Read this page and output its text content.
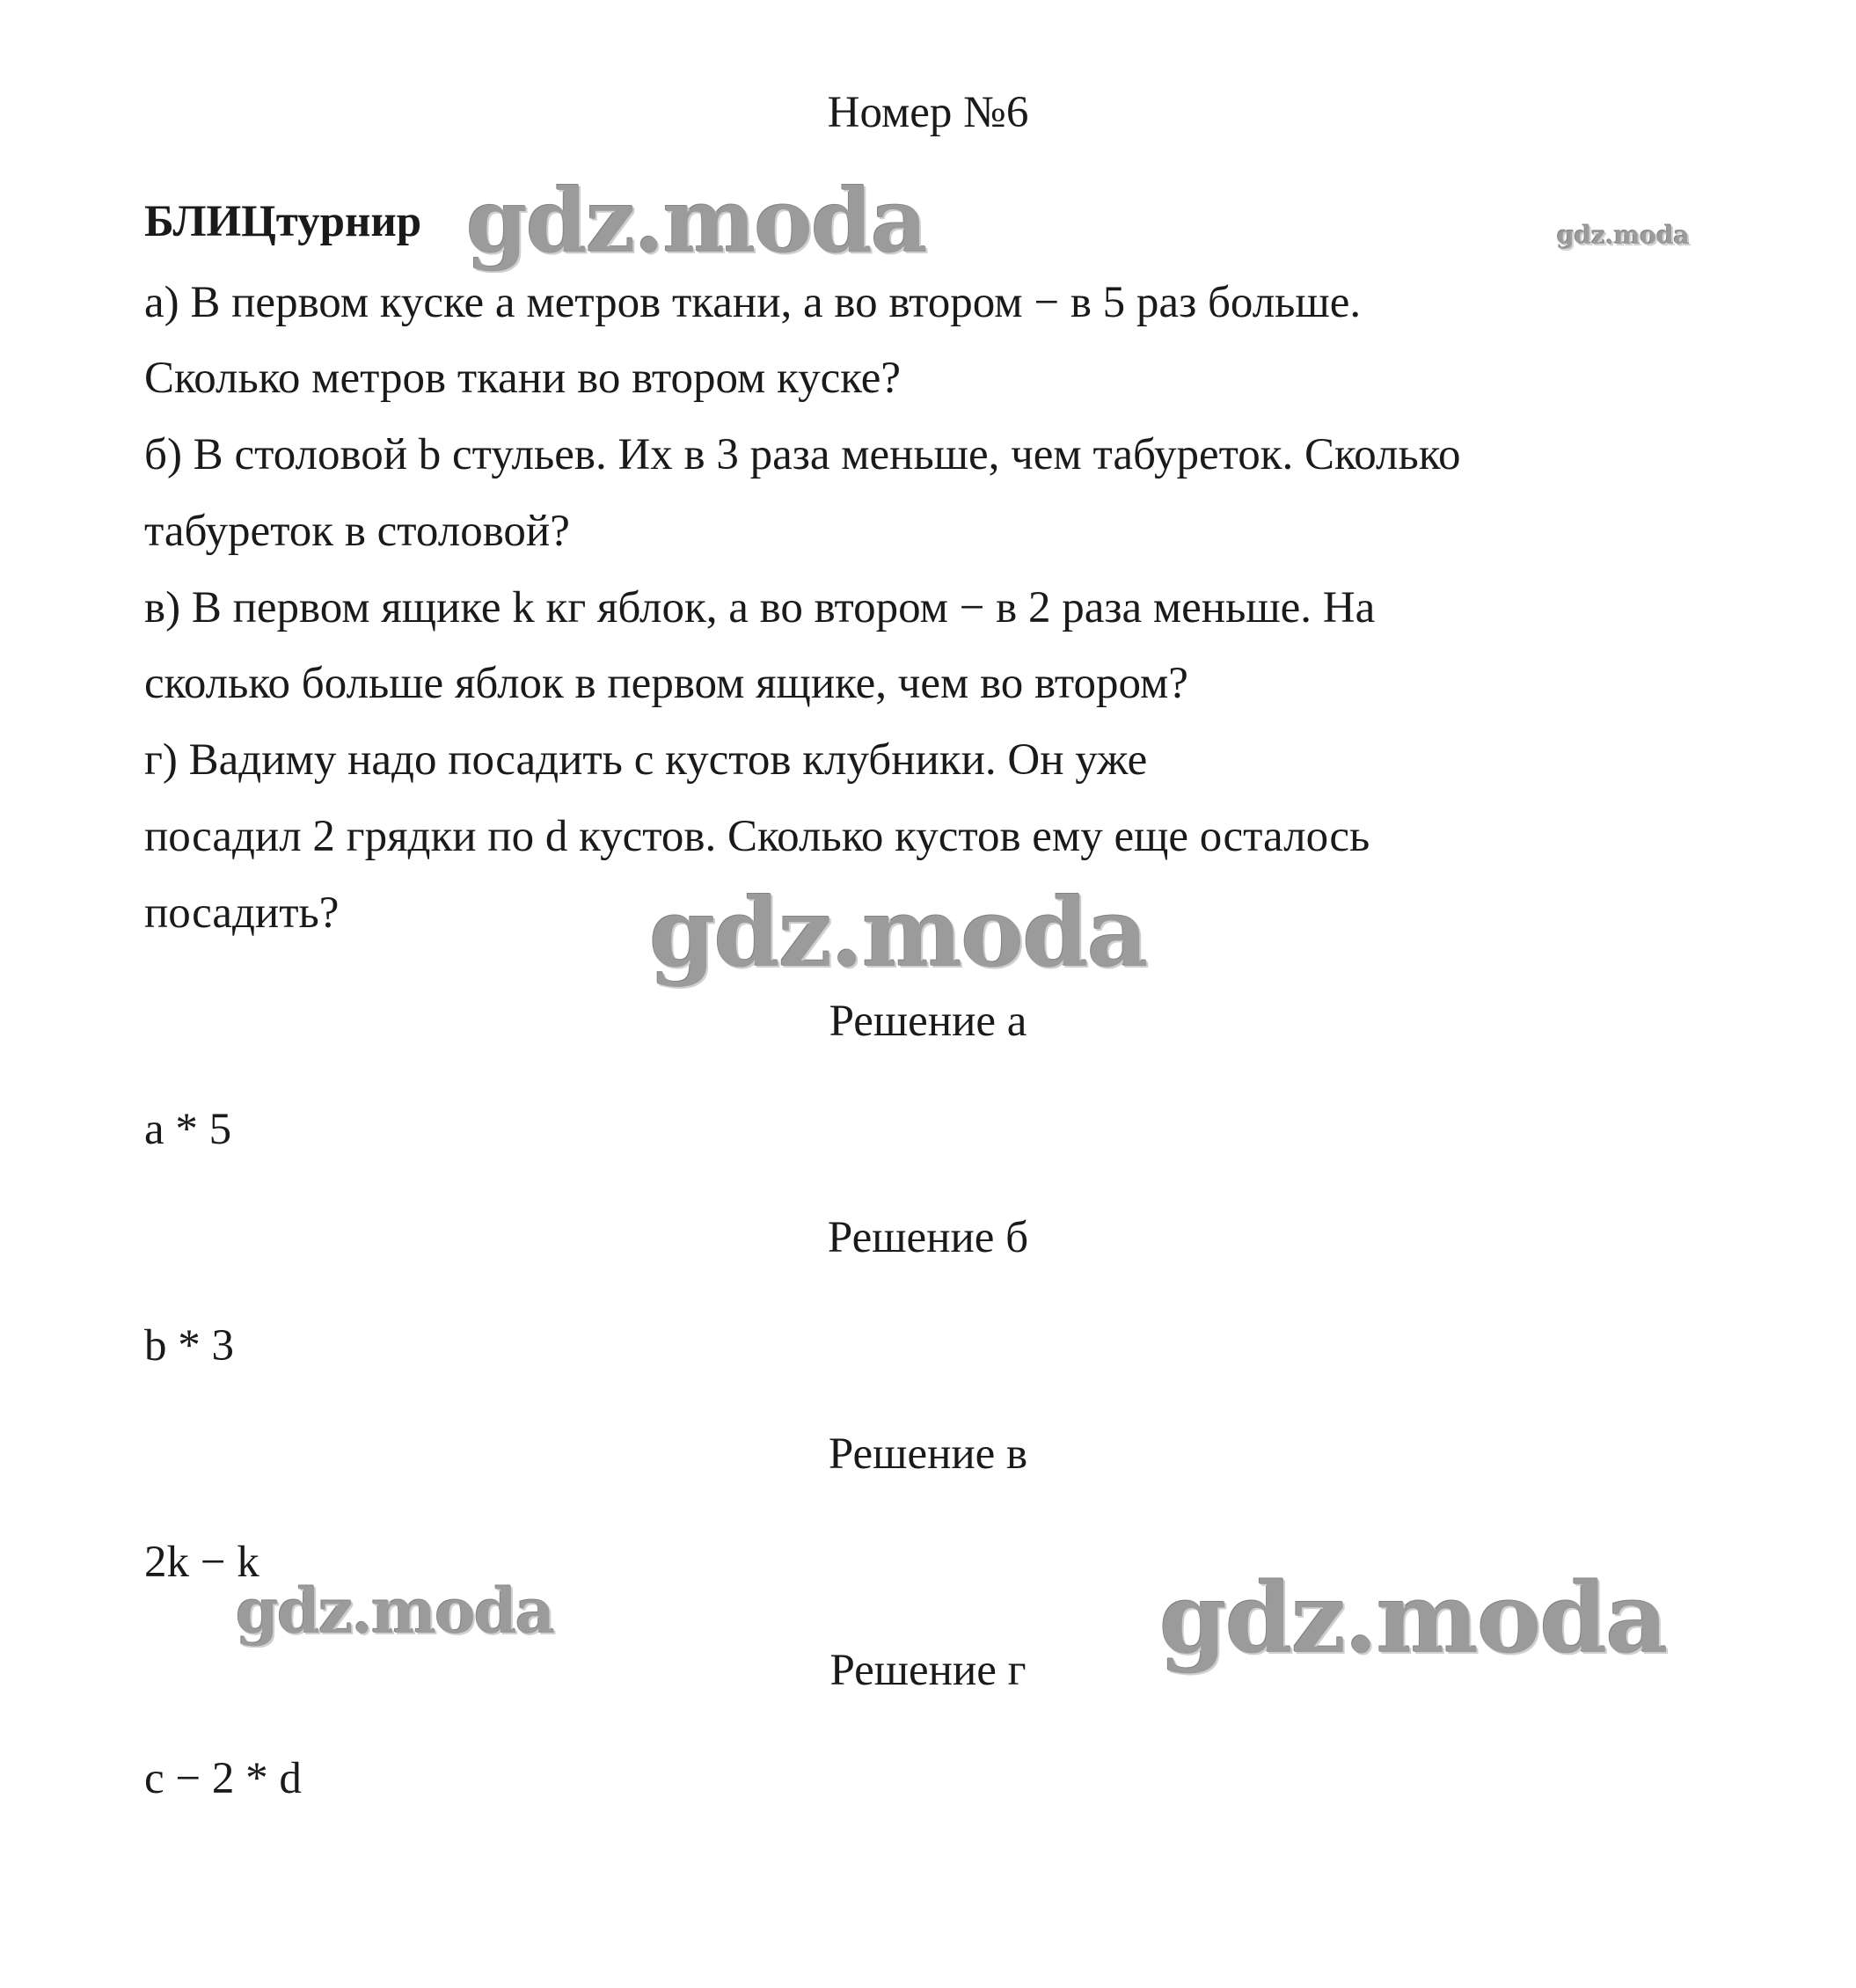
Номер №6
БЛИЦтурнир
а) В первом куске a метров ткани, а во втором − в 5 раз больше.
Сколько метров ткани во втором куске?
б) В столовой b стульев. Их в 3 раза меньше, чем табуреток. Сколько
табуреток в столовой?
в) В первом ящике k кг яблок, а во втором − в 2 раза меньше. На
сколько больше яблок в первом ящике, чем во втором?
г) Вадиму надо посадить c кустов клубники. Он уже
посадил 2 грядки по d кустов. Сколько кустов ему еще осталось
посадить?
Решение а
a * 5
Решение б
b * 3
Решение в
2k − k
Решение г
c − 2 * d
gdz.moda	gdz.moda
gdz.moda
gdz.moda	gdz.moda
